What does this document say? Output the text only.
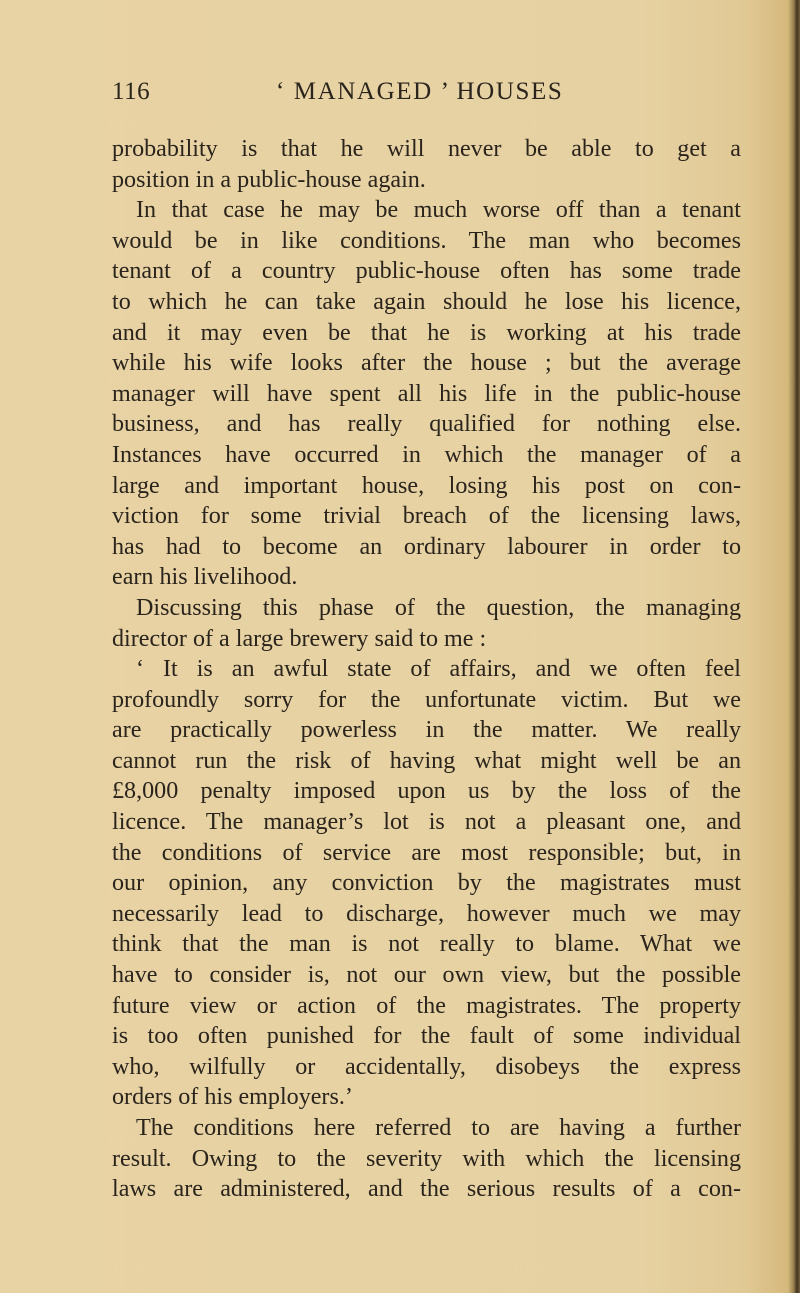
116	‘ MANAGED ’ HOUSES
probability is that he will never be able to get a
position in a public-house again.
In that case he may be much worse off than a tenant
would be in like conditions. The man who becomes
tenant of a country public-house often has some trade
to which he can take again should he lose his licence,
and it may even be that he is working at his trade
while his wife looks after the house ; but the average
manager will have spent all his life in the public-house
business, and has really qualified for nothing else.
Instances have occurred in which the manager of a
large and important house, losing his post on con-
viction for some trivial breach of the licensing laws,
has had to become an ordinary labourer in order to
earn his livelihood.
Discussing this phase of the question, the managing
director of a large brewery said to me :
‘ It is an awful state of affairs, and we often feel
profoundly sorry for the unfortunate victim. But we
are practically powerless in the matter. We really
cannot run the risk of having what might well be an
£8,000 penalty imposed upon us by the loss of the
licence. The manager’s lot is not a pleasant one, and
the conditions of service are most responsible; but, in
our opinion, any conviction by the magistrates must
necessarily lead to discharge, however much we may
think that the man is not really to blame. What we
have to consider is, not our own view, but the possible
future view or action of the magistrates. The property
is too often punished for the fault of some individual
who, wilfully or accidentally, disobeys the express
orders of his employers.’
The conditions here referred to are having a further
result. Owing to the severity with which the licensing
laws are administered, and the serious results of a con-
